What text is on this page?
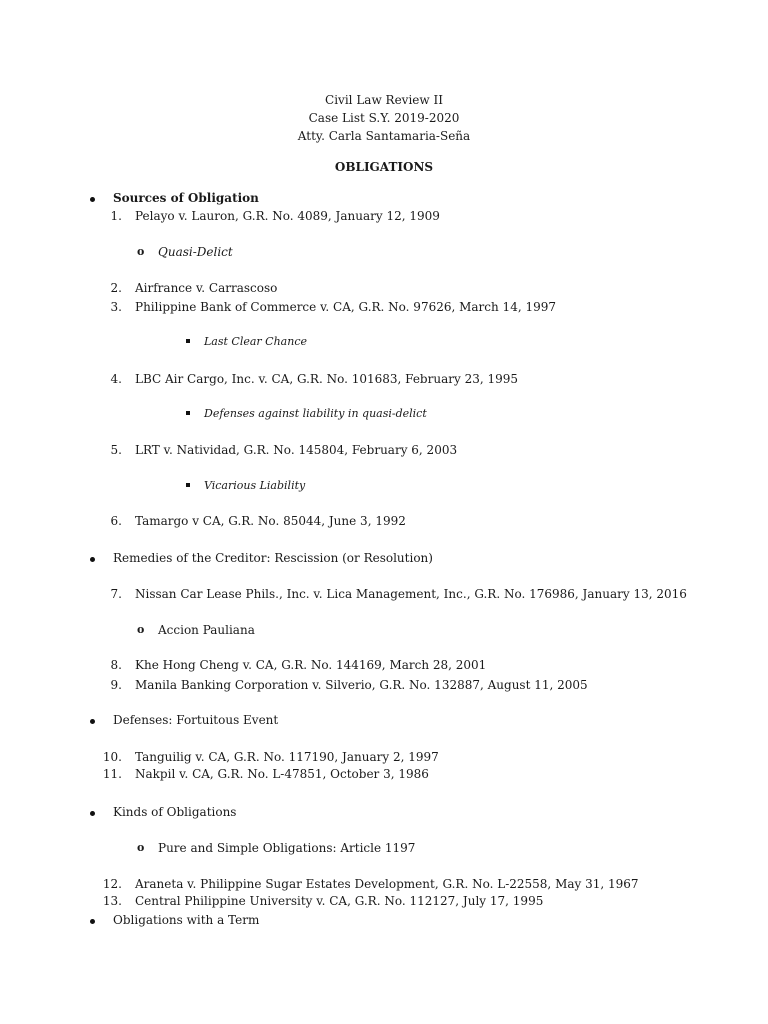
Civil Law Review II
Case List S.Y. 2019-2020
Atty. Carla Santamaria-Seña
OBLIGATIONS
Sources of Obligation
1. Pelayo v. Lauron, G.R. No. 4089, January 12, 1909
o Quasi-Delict
2. Airfrance v. Carrascoso
3. Philippine Bank of Commerce v. CA, G.R. No. 97626, March 14, 1997
Last Clear Chance
4. LBC Air Cargo, Inc. v. CA, G.R. No. 101683, February 23, 1995
Defenses against liability in quasi-delict
5. LRT v. Natividad, G.R. No. 145804, February 6, 2003
Vicarious Liability
6. Tamargo v CA, G.R. No. 85044, June 3, 1992
Remedies of the Creditor: Rescission (or Resolution)
7. Nissan Car Lease Phils., Inc. v. Lica Management, Inc., G.R. No. 176986, January 13, 2016
o Accion Pauliana
8. Khe Hong Cheng v. CA, G.R. No. 144169, March 28, 2001
9. Manila Banking Corporation v. Silverio, G.R. No. 132887, August 11, 2005
Defenses: Fortuitous Event
10. Tanguilig v. CA, G.R. No. 117190, January 2, 1997
11. Nakpil v. CA, G.R. No. L-47851, October 3, 1986
Kinds of Obligations
o Pure and Simple Obligations: Article 1197
12. Araneta v. Philippine Sugar Estates Development, G.R. No. L-22558, May 31, 1967
13. Central Philippine University v. CA, G.R. No. 112127, July 17, 1995
Obligations with a Term
